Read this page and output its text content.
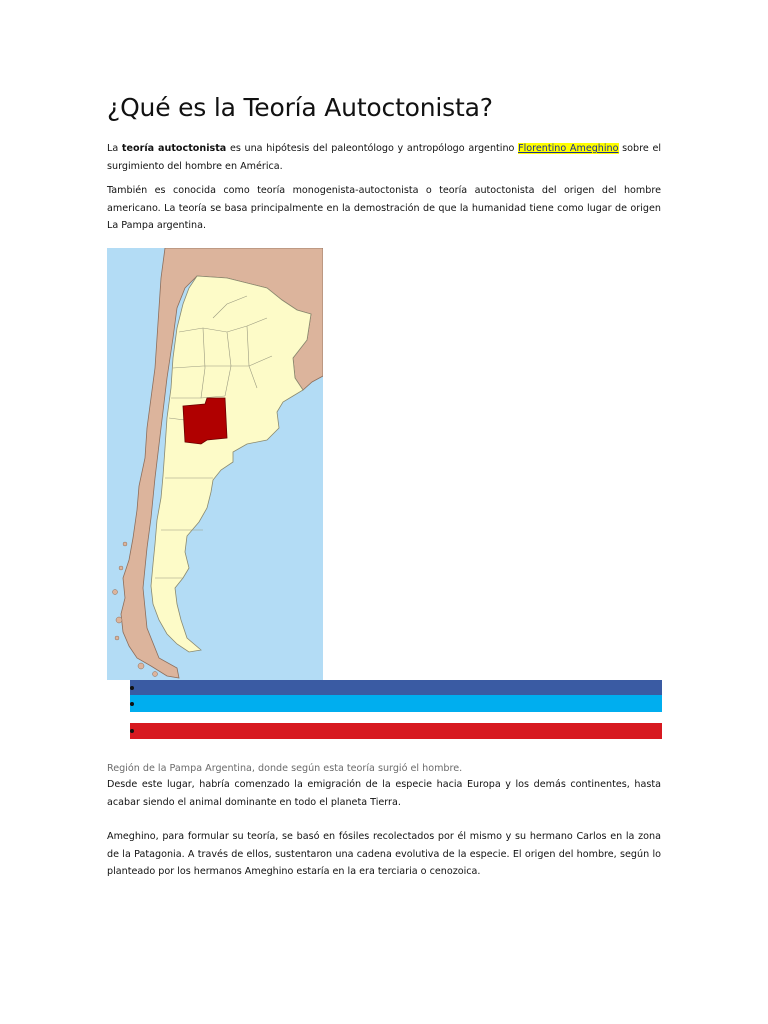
¿Qué es la Teoría Autoctonista?

La teoría autoctonista es una hipótesis del paleontólogo y antropólogo argentino Florentino Ameghino sobre el surgimiento del hombre en América.

También es conocida como teoría monogenista-autoctonista o teoría autoctonista del origen del hombre americano. La teoría se basa principalmente en la demostración de que la humanidad tiene como lugar de origen La Pampa argentina.

Región de la Pampa Argentina, donde según esta teoría surgió el hombre.

Desde este lugar, habría comenzado la emigración de la especie hacia Europa y los demás continentes, hasta acabar siendo el animal dominante en todo el planeta Tierra.

Ameghino, para formular su teoría, se basó en fósiles recolectados por él mismo y su hermano Carlos en la zona de la Patagonia. A través de ellos, sustentaron una cadena evolutiva de la especie. El origen del hombre, según lo planteado por los hermanos Ameghino estaría en la era terciaria o cenozoica.
